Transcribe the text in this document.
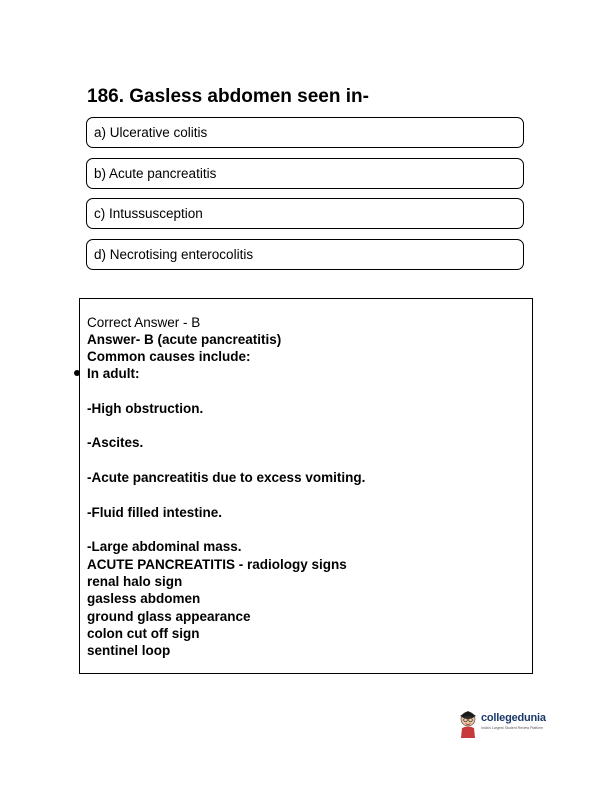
186. Gasless abdomen seen in-
a) Ulcerative colitis
b) Acute pancreatitis
c) Intussusception
d) Necrotising enterocolitis
Correct Answer - B
Answer- B (acute pancreatitis)
Common causes include:
In adult:
-High obstruction.
-Ascites.
-Acute pancreatitis due to excess vomiting.
-Fluid filled intestine.
-Large abdominal mass.
ACUTE PANCREATITIS - radiology signs
renal halo sign
gasless abdomen
ground glass appearance
colon cut off sign
sentinel loop
collegedunia
India's Largest Student Review Platform
